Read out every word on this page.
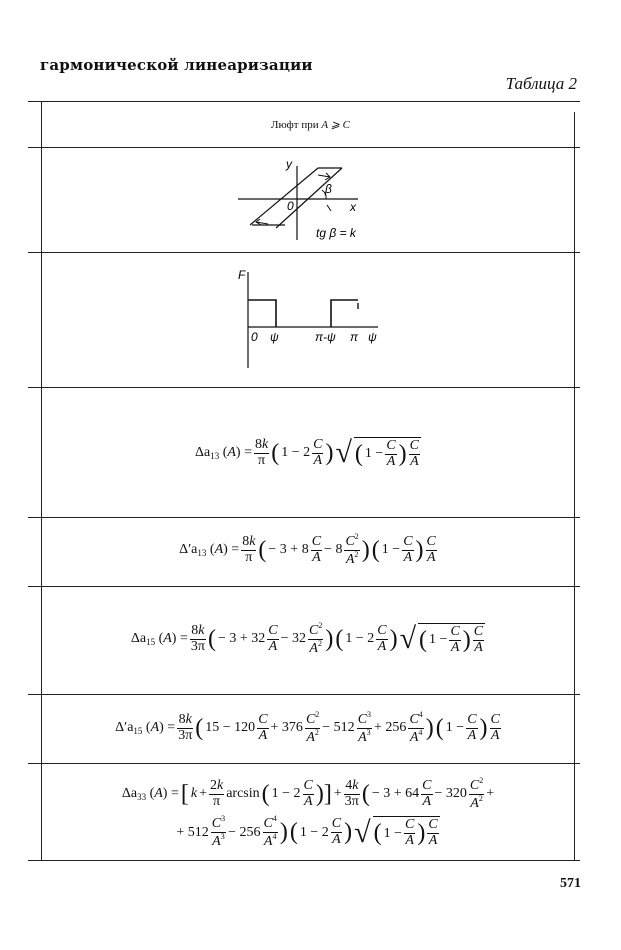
гармонической линеаризации
Таблица 2
Люфт при A ⩾ C
y
x
0
β
tg β = k
F
0 ψ	π-ψ π ψ
$\Delta a_{13}$ $(A) = \frac{8k}{\pi}$ ( 1 − 2
C
A ) √ ( $1 - \frac{C}{A}$ ) C
A
$\Delta'a_{13}$ $(A) = \frac{8k}{\pi}$ ( − 3 + 8
C
A − 8
$C^2$
$A^2$ ) ( $1 - \frac{C}{A}$ ) C
A
$\Delta a_{15}$ $(A) = \frac{8k}{3\pi}$ ( − 3 + 32
C
A − 32
$C^2$
$A^2$ ) ( 1 − 2
C
A ) √ ( $1 - \frac{C}{A}$ ) C
A
$\Delta'a_{15}$ $(A) = \frac{8k}{3\pi}$ ( 15 − 120
C
A + 376
$C^2$
$A^2 - 512$
$C^3$
$A^3 + 256$
$C^4$
$A^4$ ) ( $1 - \frac{C}{A}$ ) C
A
$\Delta a_{33}$ (A) = [ $k + \frac{2k}{\pi}$ arcsin ( 1 − 2
C
A )] + $\frac{4k}{3\pi}$ ( − 3 + 64
C
A − 320
$C^2$
$A^2$ +
+ 512
$C^3$
$A^3 - 256$
$C^4$
$A^4$ ) ( 1 − 2
C
A ) √ ( $1 - \frac{C}{A}$ ) C
A
571
